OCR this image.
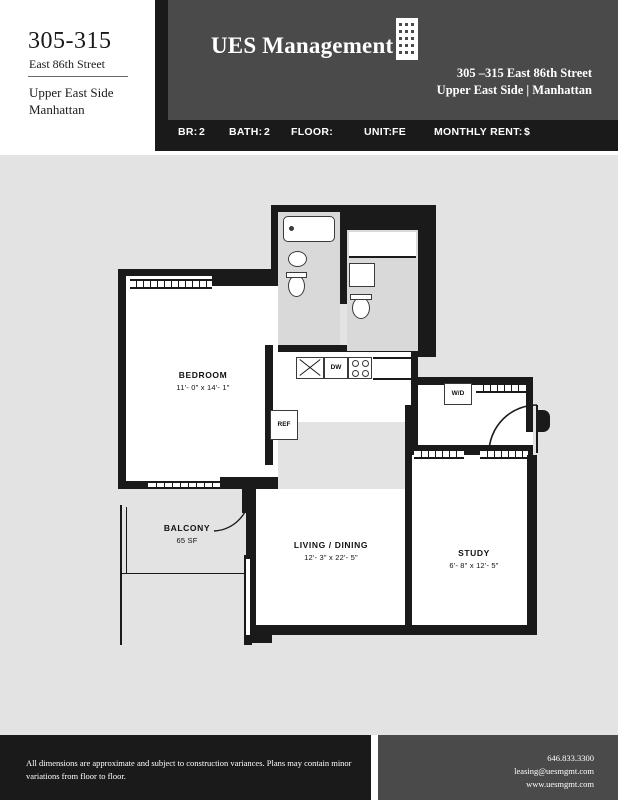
305-315
East 86th Street
Upper East Side
Manhattan
UES Management
305 –315 East 86th Street
Upper East Side | Manhattan
BR: 2 BATH: 2 FLOOR:	UNIT: FE	MONTHLY RENT: $
BEDROOM
11'- 0" x 14'- 1"
DW
REF
W/D
STUDY
6'- 8" x 12'- 5"
LIVING / DINING
12'- 3" x 22'- 5"
BALCONY
65 SF
All dimensions are approximate and subject to construction variances. Plans may contain minor variations from floor to floor.
646.833.3300
leasing@uesmgmt.com
www.uesmgmt.com
